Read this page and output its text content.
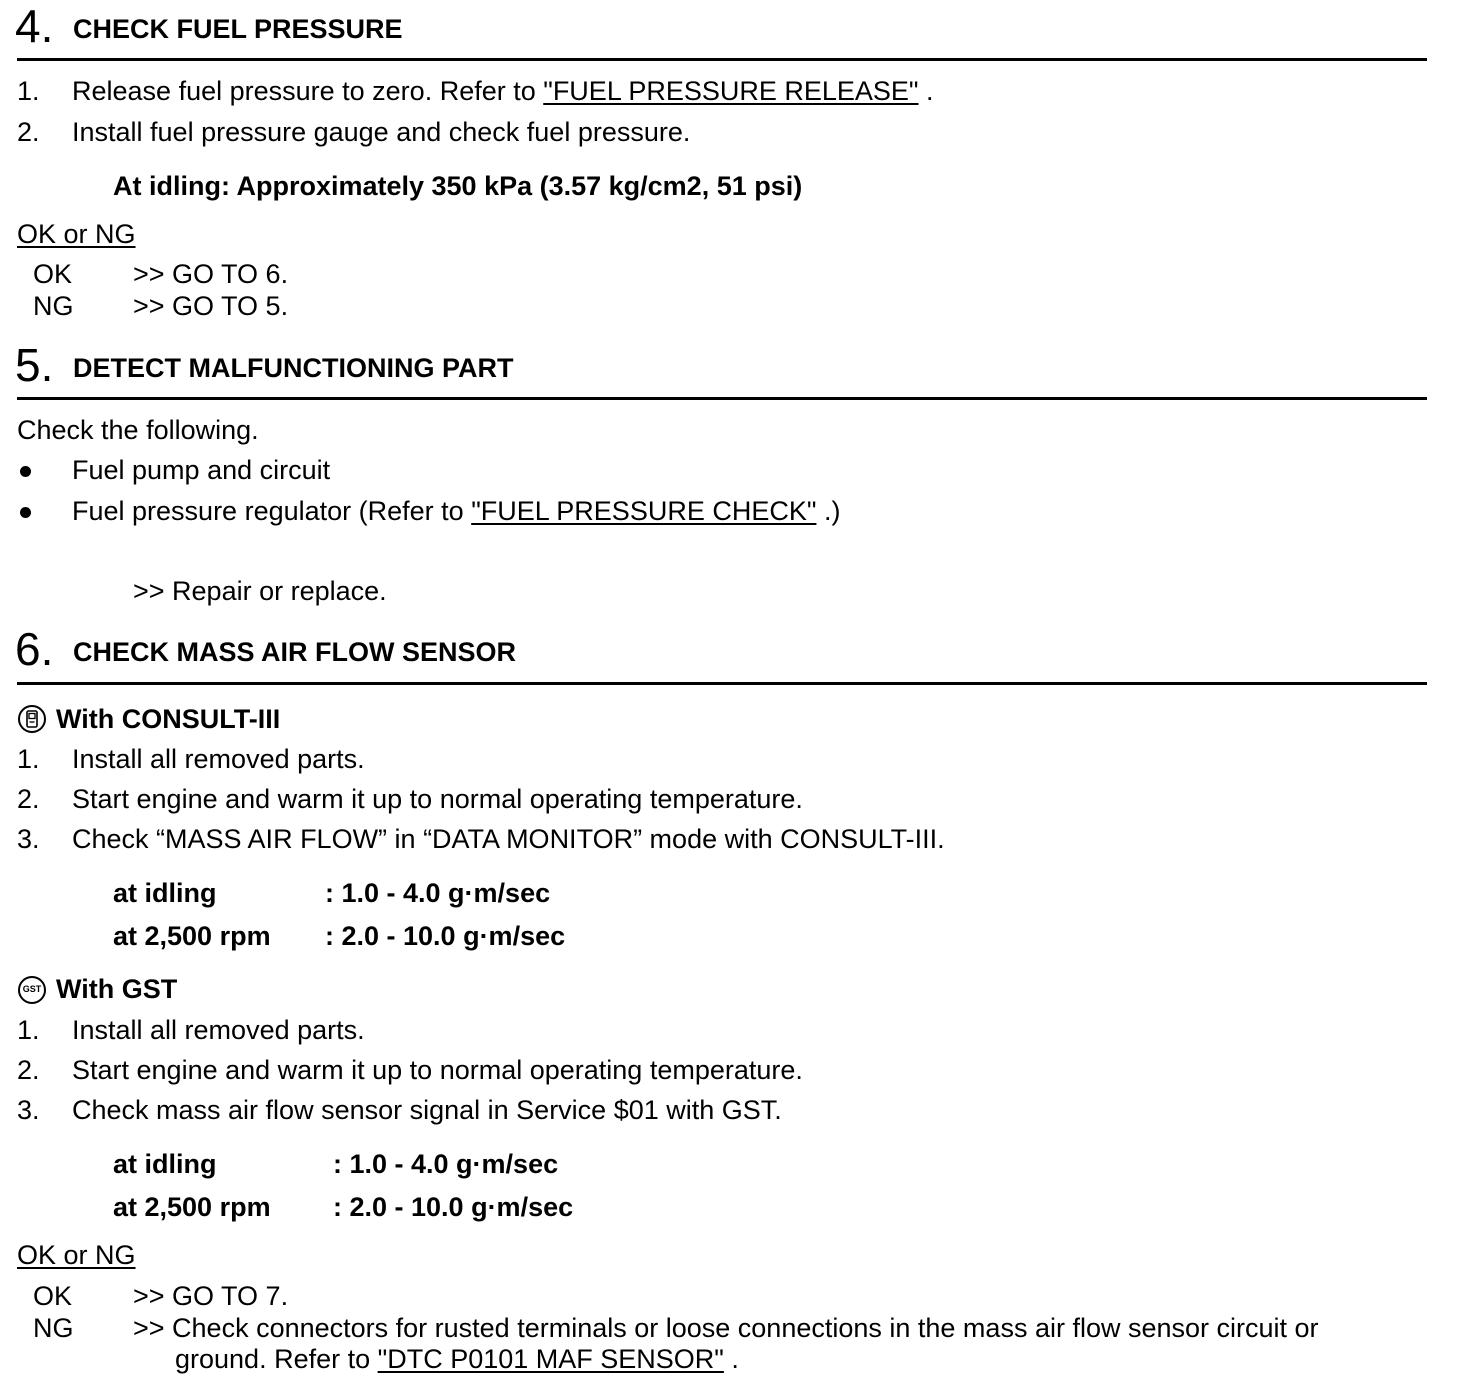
4. CHECK FUEL PRESSURE
1. Release fuel pressure to zero. Refer to "FUEL PRESSURE RELEASE" .
2. Install fuel pressure gauge and check fuel pressure.
At idling: Approximately 350 kPa (3.57 kg/cm2, 51 psi)
OK or NG
OK >> GO TO 6.
NG >> GO TO 5.
5. DETECT MALFUNCTIONING PART
Check the following.
Fuel pump and circuit
Fuel pressure regulator (Refer to "FUEL PRESSURE CHECK" .)
>> Repair or replace.
6. CHECK MASS AIR FLOW SENSOR
With CONSULT-III
1. Install all removed parts.
2. Start engine and warm it up to normal operating temperature.
3. Check “MASS AIR FLOW” in “DATA MONITOR” mode with CONSULT-III.
at idling	: 1.0 - 4.0 g·m/sec
at 2,500 rpm : 2.0 - 10.0 g·m/sec
GST With GST
1. Install all removed parts.
2. Start engine and warm it up to normal operating temperature.
3. Check mass air flow sensor signal in Service $01 with GST.
at idling	: 1.0 - 4.0 g·m/sec
at 2,500 rpm : 2.0 - 10.0 g·m/sec
OK or NG
OK >> GO TO 7.
NG >> Check connectors for rusted terminals or loose connections in the mass air flow sensor circuit or
ground. Refer to "DTC P0101 MAF SENSOR" .
